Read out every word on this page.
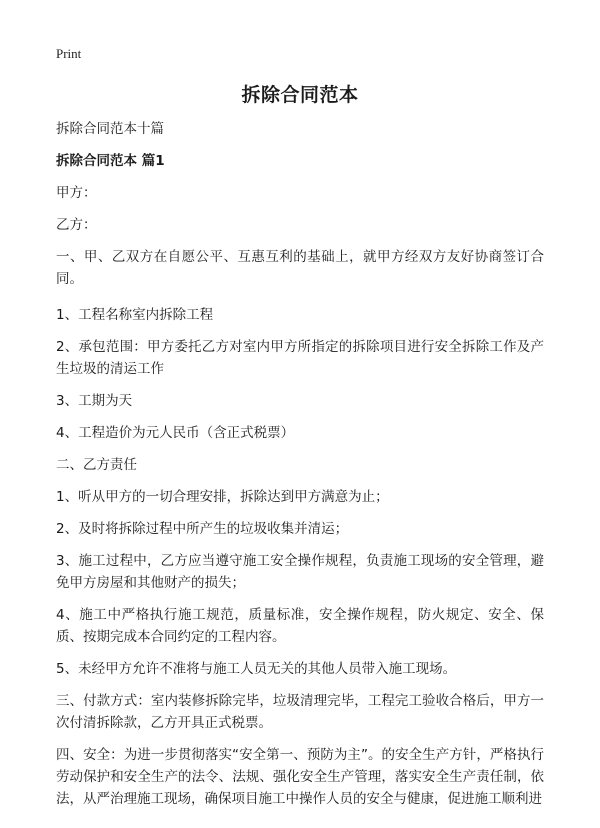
Print
拆除合同范本

拆除合同范本十篇

拆除合同范本 篇1

甲方：

乙方：

一、甲、乙双方在自愿公平、互惠互利的基础上，就甲方经双方友好协商签订合同。

1、工程名称室内拆除工程

2、承包范围：甲方委托乙方对室内甲方所指定的拆除项目进行安全拆除工作及产生垃圾的清运工作

3、工期为天

4、工程造价为元人民币（含正式税票）

二、乙方责任

1、听从甲方的一切合理安排，拆除达到甲方满意为止；

2、及时将拆除过程中所产生的垃圾收集并清运；

3、施工过程中，乙方应当遵守施工安全操作规程，负责施工现场的安全管理，避免甲方房屋和其他财产的损失；

4、施工中严格执行施工规范，质量标准，安全操作规程，防火规定、安全、保质、按期完成本合同约定的工程内容。

5、未经甲方允许不准将与施工人员无关的其他人员带入施工现场。

三、付款方式：室内装修拆除完毕，垃圾清理完毕，工程完工验收合格后，甲方一次付清拆除款，乙方开具正式税票。

四、安全：为进一步贯彻落实“安全第一、预防为主”。的安全生产方针，严格执行劳动保护和安全生产的法令、法规、强化安全生产管理，落实安全生产责任制，依法，从严治理施工现场，确保项目施工中操作人员的安全与健康，促进施工顺利进
